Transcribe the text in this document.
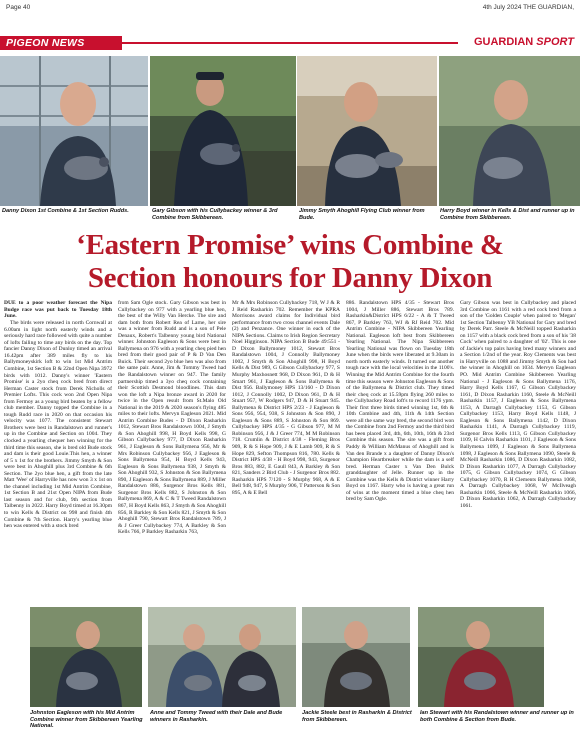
Page 40	4th July 2024 THE GUARDIAN,
PIGEON NEWS	GUARDIAN SPORT
Danny Dixon 1st Combine & 1st Section Rudds.	Gary Gibson with his Cullybackey winner & 3rd Combine from Skibbereen.
Jimmy Smyth Ahoghill Flying Club winner from Bude.
Harry Boyd winner in Kells & Dist and runner up in Combine from Skibbereen.
‘Eastern Promise’ wins Combine &
Section honours for Danny Dixon

DUE to a poor weather forecast the Nipa Budge race was put back to Tuesday 18th June.

The birds were released in north Cornwall at 6.00am in light north easterly winds and a seriously hard race followed with quite a number of lofts failing to time any birds on the day. Top fancier Danny Dixon of Dunloy timed an arrival 16.42pm after 389 miles fly to his Ballymoneyskirk loft to win 1st Mid Antrim Combine, 1st Section B & 22nd Open Nipa 3972 birds with 1012. Danny's winner 'Eastern Promise' is a 2yo cheq cock bred from direct Herman Caster stock from Derek Nicholls of Premier Lofts. This cock won 2nd Open Nipa from Fermoy as a young bird beaten by a fellow club member. Danny topped the Combine in a tough Rudd race in 2020 on that occasion his velocity was 1077. The consistent Stewart Brothers were best in Randalstown and runner's up in the Combine and Section on 1004. They clocked a yearling chequer hen winning for the third time this season, she is bred old Bude stock and dam is their good Louie.This hen, a winner of 5 x 1st for the brothers. Jimmy Smyth & Son were best in Ahoghill plus 3rd Combine & 6th Section. The 2yo blue hen, a gift from the late Matt 'Wee' of Harryville has now won 3 x 1st on the channel including 1st Mid Antrim Combine, 1st Section B and 21st Open NIPA from Bude last season and for club, 9th section from Talbenny in 2022. Harry Boyd timed at 16.30pm to win Kells & District on 998 and finish 4th Combine & 7th Section. Harry's yearling blue hen was entered with a stock bred

from Sam Ogle stock. Gary Gibson was best in Cullybackey on 977 with a yearling blue hen, the best of the Willy Van Hercke. The sire and dam both from Robert Rea of Larne, her sire was a winner from Rudd and is a son of Pele Denaux, Robert's Talbenny young bird National winner. Johnston Eagleson & Sons were best in Ballymena on 976 with a yearling cheq pied hen bred from their good pair of P & D Van Den Buick. Their second 2yo blue hen was also from the same pair. Anne, Jim & Tommy Tweed had the Randalstown winner on 947. The family partnership timed a 3yo cheq cock containing their Scottish Desmond bloodlines. This dam won the loft a Nipa bronze award in 2020 for twice in the Open result from St.Malo Old National in the 2019 & 2020 season's flying 485 miles to their lofts. Mervyn Eagleson 2021. Mid Antrim Combine Budes - D Dixon Rasharkin 1012, Stewart Bros Randalstown 1004, J Smyth & Son Ahoghill 998, H Boyd Kells 998, G Gibson Cullybackey 977, D Dixon Rasharkin 961, J Eagleson & Sons Ballymena 956, Mr & Mrs Robinson Cullybackey 956, J Eagleson & Sons Ballymena 954, H Boyd Kells 943, Eagleson & Sons Ballymena 938, J Smyth & Son Ahoghill 932, S Johnston & Son Ballymena 890, J Eagleson & Sons Ballymena 889, J Miller Randalstown 886, Surgenor Bros Kells 881, Surgenor Bros Kells 882, S Johnston & Son Ballymena 869, A & C & T Tweed Randalstown 867, H Boyd Kells 863, J Smyth & Son Ahoghill 856, R Barkley & Son Kells 821, J Smyth & Son Ahoghill 790, Stewart Bros Randalstown 789, J & J Greer Cullybackey 774, A Barkley & Son Kells 766, P Barkley Rasharkin 763,

Mr & Mrs Robinson Cullybackey 718, W J & R J Reid Rasharkin 702. Remember the KPRA Morrisons award claims for Individual bird performance from two cross channel events Dale (2) and Penzance. One winner in each of the NIPA Sections. Claims to Irish Region Secretary Noel Higginson. NIPA Section B Bude 49:551 - D Dixon Ballymoney 1012, Stewart Bros Randalstown 1004, J Connolly Ballymoney 1002, J Smyth & Son Ahoghill 998, H Boyd Kells & Dist 989, G Gibson Cullybackey 977, S Murphy Maxhosnett 968, D Dixon 961, D & H Smart 961, J Eagleson & Sons Ballymena & Dist 956. Ballymoney HPS 13/160 - D Dixon 1012, J Connolly 1002, D Dixon 961, D & H Stuart 957, W Rodgers 947, D & H Stuart 945. Ballymena & District HPS 2/23 - J Eagleson & Sons 956, 954, 938, S Johnston & Son 890, J Eagleson & Sons 889, S Johnston & Son 869. Cullybackey HPS 4/35 - G Gibson 977, M M Robinson 956, J & J Greer 774, M M Robinson 718. Crumlin & District 4/38 - Fleming Bros 909, R & S Hope 909, J & E Lamb 909, R & S Hope 829, Sefton Thompson 816, 780. Kells & District HPS 4/38 - H Boyd 998, 943, Surgenor Bros 883, 882, E Gaull 843, A Barkley & Son 821, Sanders 2 Bird Club - J Surgenor Bros 882. Rasharkin HPS 7/120 - S Murphy 968, A & E Bell 948, 947, S Murphy 906, T Patterson & Son 895, A & E Bell

886. Randalstown HPS 4/35 - Stewart Bros 1004, J Miller 886, Stewart Bros 789. Rasharkin&District HPS 6/22 - A & T Tweed 867, P Barkley 763, WJ & RJ Reid 702. Mid Antrim Combine - NIPA Skibbereen Yearling National. Eagleson loft best from Skibbereen Yearling National. The Nipa Skibbereen Yearling National was flown on Tuesday 18th June when the birds were liberated at 9.30am in north north easterly winds. It turned out another tough race with the local velocities in the 1100's. Winning the Mid Antrim Combine for the fourth time this season were Johnston Eagleson & Sons of the Ballymena & District club. They timed their cheq cock at 15.59pm flying 260 miles to the Cullybackey Road loft's to record 1176 ypm. Their first three birds timed winning 1st, 6th & 10th Combine and 4th, 11th & 14th Section were all the same way bred, the second bird won the Combine from 2nd Fermoy and the third bird has been placed 3rd, 4th, 6th, 10th, 16th & 23rd Combine this season. The sire was a gift from Paddy & William McManus of Ahoghill and is Van den Brande x a daughter of Danny Dixon's Champion Heartbreaker while the dam is a self bred. Herman Caster x Van Den Bulck granddaughter of Jelle. Runner up in the Combine was the Kells & District winner Harry Boyd on 1167. Harry who is having a great run of wins at the moment timed a blue cheq hen bred by Sam Ogle.

Gary Gibson was best in Cullybackey and placed 3rd Combine on 1161 with a red cock bred from a son of the 'Golden Couple' when paired to 'Megan' 1st Section Talbenny YB National for Gary and bred by Derek Parr. Steele & McNeill topped Rasharkin on 1157 with a black cock bred from a son of his '38 Cock' when paired to a daughter of '02'. This is one of Jackie's top pairs having bred many winners and a Section 1/2nd of the year. Roy Clements was best in Harryville on 1088 and Jimmy Smyth & Son had the winner in Ahoghill on 1034. Mervyn Eagleson PO. Mid Antrim Combine Skibbereen Yearling National - J Eagleson & Sons Ballymena 1176, Harry Boyd Kells 1167, G Gibson Cullybackey 1161, D Dixon Rasharkin 1160, Steele & McNeill Rasharkin 1157, J Eagleson & Sons Ballymena 1153, A Darragh Cullybackey 1153, G Gibson Cullybackey 1153, Harry Boyd Kells 1148, J Eagleson & Sons Ballymena 1142, D Dixon Rasharkin 1141, A Darragh Cullybackey 1119, Surgenor Bros Kells 1113, G Gibson Cullybackey 1109, H Calvin Rasharkin 1101, J Eagleson & Sons Ballymena 1099, J Eagleson & Sons Ballymena 1098, J Eagleson & Sons Ballymena 1090, Steele & McNeill Rasharkin 1086, D Dixon Rasharkin 1082, D Dixon Rasharkin 1077, A Darragh Cullybackey 1075, G Gibson Cullybackey 1074, G Gibson Cullybackey 1070, R H Clements Ballymena 1068, A Darragh Cullybackey 1068, W McIlveagh Rasharkin 1066, Steele & McNeill Rasharkin 1066, D Dixon Rasharkin 1062, A Darragh Cullybackey 1061.

Johnston Eagleson with his Mid Antrim Combine winner from Skibbereen Yearling National.
Anne and Tommy Tweed with their Dale and Bude winners in Rasharkin.
Jackie Steele best in Rasharkin & District from Skibbereen.
Ian Stewart with his Randalstown winner and runner up in both Combine & Section from Bude.
